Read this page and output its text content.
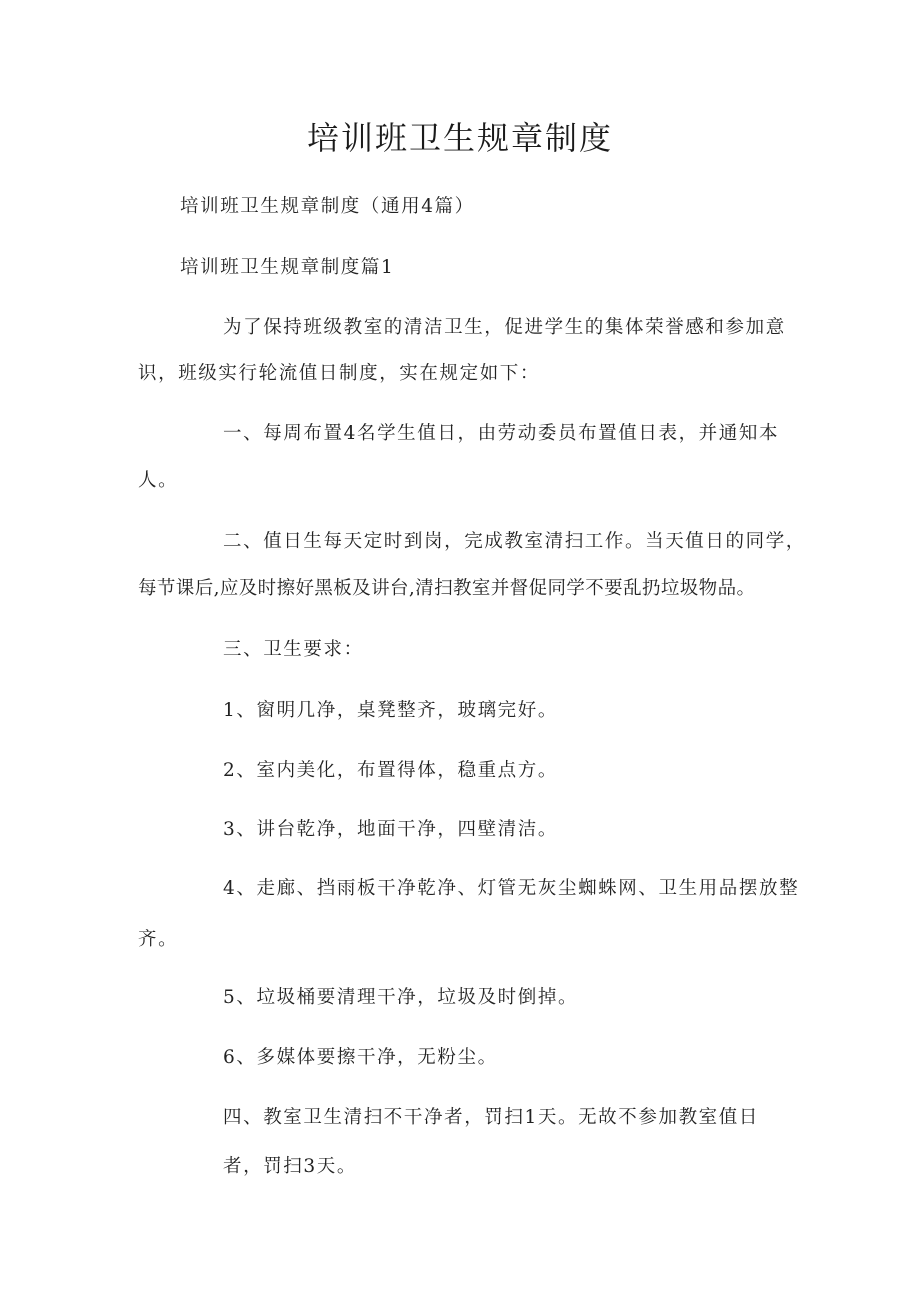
培训班卫生规章制度

培训班卫生规章制度（通用4篇）

培训班卫生规章制度篇1

为了保持班级教室的清洁卫生，促进学生的集体荣誉感和参加意

识，班级实行轮流值日制度，实在规定如下：

一、每周布置4名学生值日，由劳动委员布置值日表，并通知本

人。

二、值日生每天定时到岗，完成教室清扫工作。当天值日的同学，

每节课后,应及时擦好黑板及讲台,清扫教室并督促同学不要乱扔垃圾物品。

三、卫生要求：

1、窗明几净，桌凳整齐，玻璃完好。

2、室内美化，布置得体，稳重点方。

3、讲台乾净，地面干净，四壁清洁。

4、走廊、挡雨板干净乾净、灯管无灰尘蜘蛛网、卫生用品摆放整

齐。

5、垃圾桶要清理干净，垃圾及时倒掉。

6、多媒体要擦干净，无粉尘。

四、教室卫生清扫不干净者，罚扫1天。无故不参加教室值日

者，罚扫3天。
